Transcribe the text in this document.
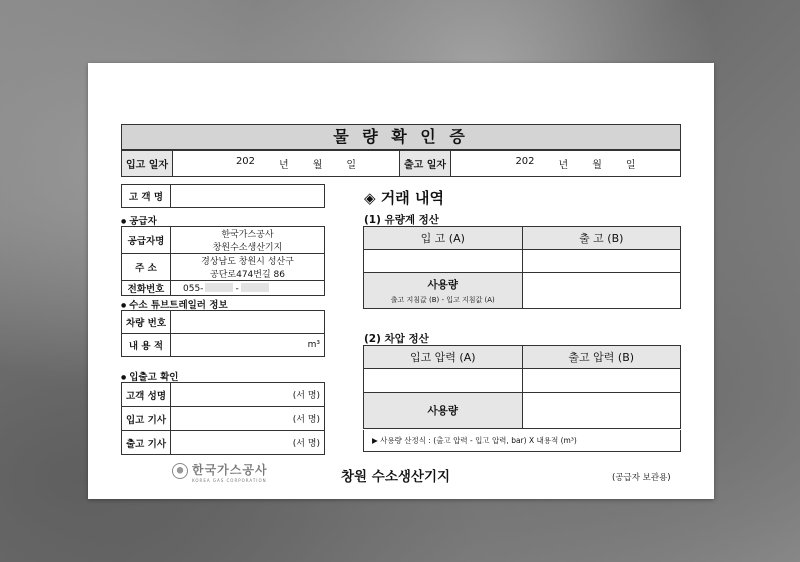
물 량 확 인 증
입고 일자	202 년 월 일	출고 일자	202 년 월 일
고 객 명	
● 공급자
공급자명	한국가스공사
창원수소생산기지

주 소	경상남도 창원시 성산구
공단로474번길 86

전화번호	055- -
● 수소 튜브트레일러 정보
차량 번호	
내 용 적	m³
● 입출고 확인
고객 성명	(서 명)
입고 기사	(서 명)
출고 기사	(서 명)
◈ 거래 내역
(1) 유량계 정산
입 고 (A)	출 고 (B)

사용량
출고 지침값 (B) - 입고 지침값 (A)	

(2) 차압 정산
입고 압력 (A)	출고 압력 (B)

사용량	

▶ 사용량 산정식 : (출고 압력 - 입고 압력, bar) X 내용적 (m³)
한국가스공사
KOREA GAS CORPORATION	창원 수소생산기지	(공급자 보관용)
